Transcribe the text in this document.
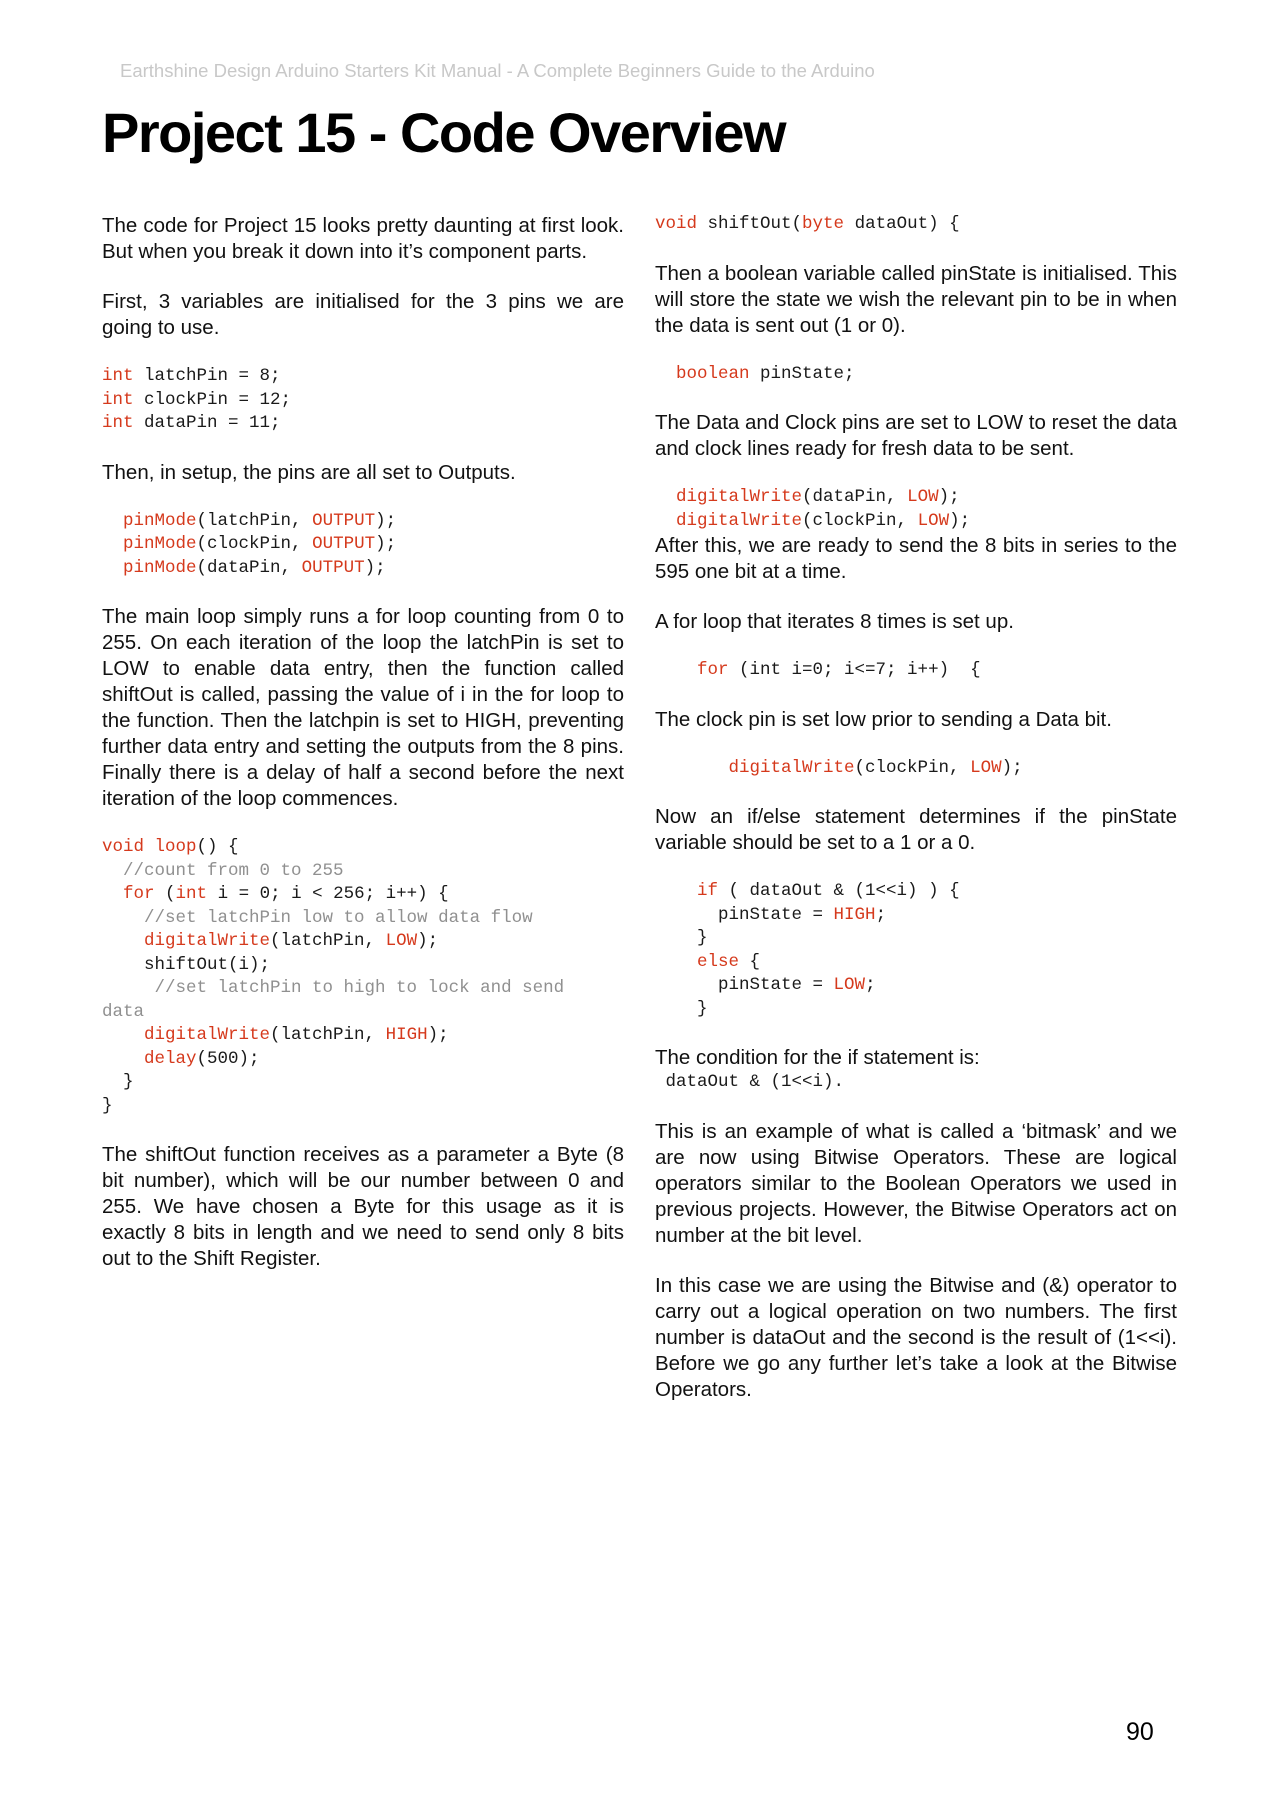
Earthshine Design Arduino Starters Kit Manual - A Complete Beginners Guide to the Arduino
Project 15 - Code Overview

The code for Project 15 looks pretty daunting at first look. But when you break it down into it’s component parts.

First, 3 variables are initialised for the 3 pins we are going to use.

int latchPin = 8;
int clockPin = 12;
int dataPin = 11;

Then, in setup, the pins are all set to Outputs.

pinMode(latchPin, OUTPUT);
pinMode(clockPin, OUTPUT);
pinMode(dataPin, OUTPUT);

The main loop simply runs a for loop counting from 0 to 255. On each iteration of the loop the latchPin is set to LOW to enable data entry, then the function called shiftOut is called, passing the value of i in the for loop to the function. Then the latchpin is set to HIGH, preventing further data entry and setting the outputs from the 8 pins. Finally there is a delay of half a second before the next iteration of the loop commences.

void loop() {
//count from 0 to 255
for (int i = 0; i < 256; i++) {
//set latchPin low to allow data flow
digitalWrite(latchPin, LOW);
shiftOut(i);
//set latchPin to high to lock and send
data
digitalWrite(latchPin, HIGH);
delay(500);
}
}

The shiftOut function receives as a parameter a Byte (8 bit number), which will be our number between 0 and 255. We have chosen a Byte for this usage as it is exactly 8 bits in length and we need to send only 8 bits out to the Shift Register.

void shiftOut(byte dataOut) {

Then a boolean variable called pinState is initialised. This will store the state we wish the relevant pin to be in when the data is sent out (1 or 0).

boolean pinState;

The Data and Clock pins are set to LOW to reset the data and clock lines ready for fresh data to be sent.

digitalWrite(dataPin, LOW);
digitalWrite(clockPin, LOW);

After this, we are ready to send the 8 bits in series to the 595 one bit at a time.

A for loop that iterates 8 times is set up.

for (int i=0; i<=7; i++)  {

The clock pin is set low prior to sending a Data bit.

digitalWrite(clockPin, LOW);

Now an if/else statement determines if the pinState variable should be set to a 1 or a 0.

if ( dataOut & (1<<i) ) {
pinState = HIGH;
}
else {
pinState = LOW;
}

The condition for the if statement is:

dataOut & (1<<i).

This is an example of what is called a ‘bitmask’ and we are now using Bitwise Operators. These are logical operators similar to the Boolean Operators we used in previous projects. However, the Bitwise Operators act on number at the bit level.

In this case we are using the Bitwise and (&) operator to carry out a logical operation on two numbers. The first number is dataOut and the second is the result of (1<<i). Before we go any further let’s take a look at the Bitwise Operators.

90
